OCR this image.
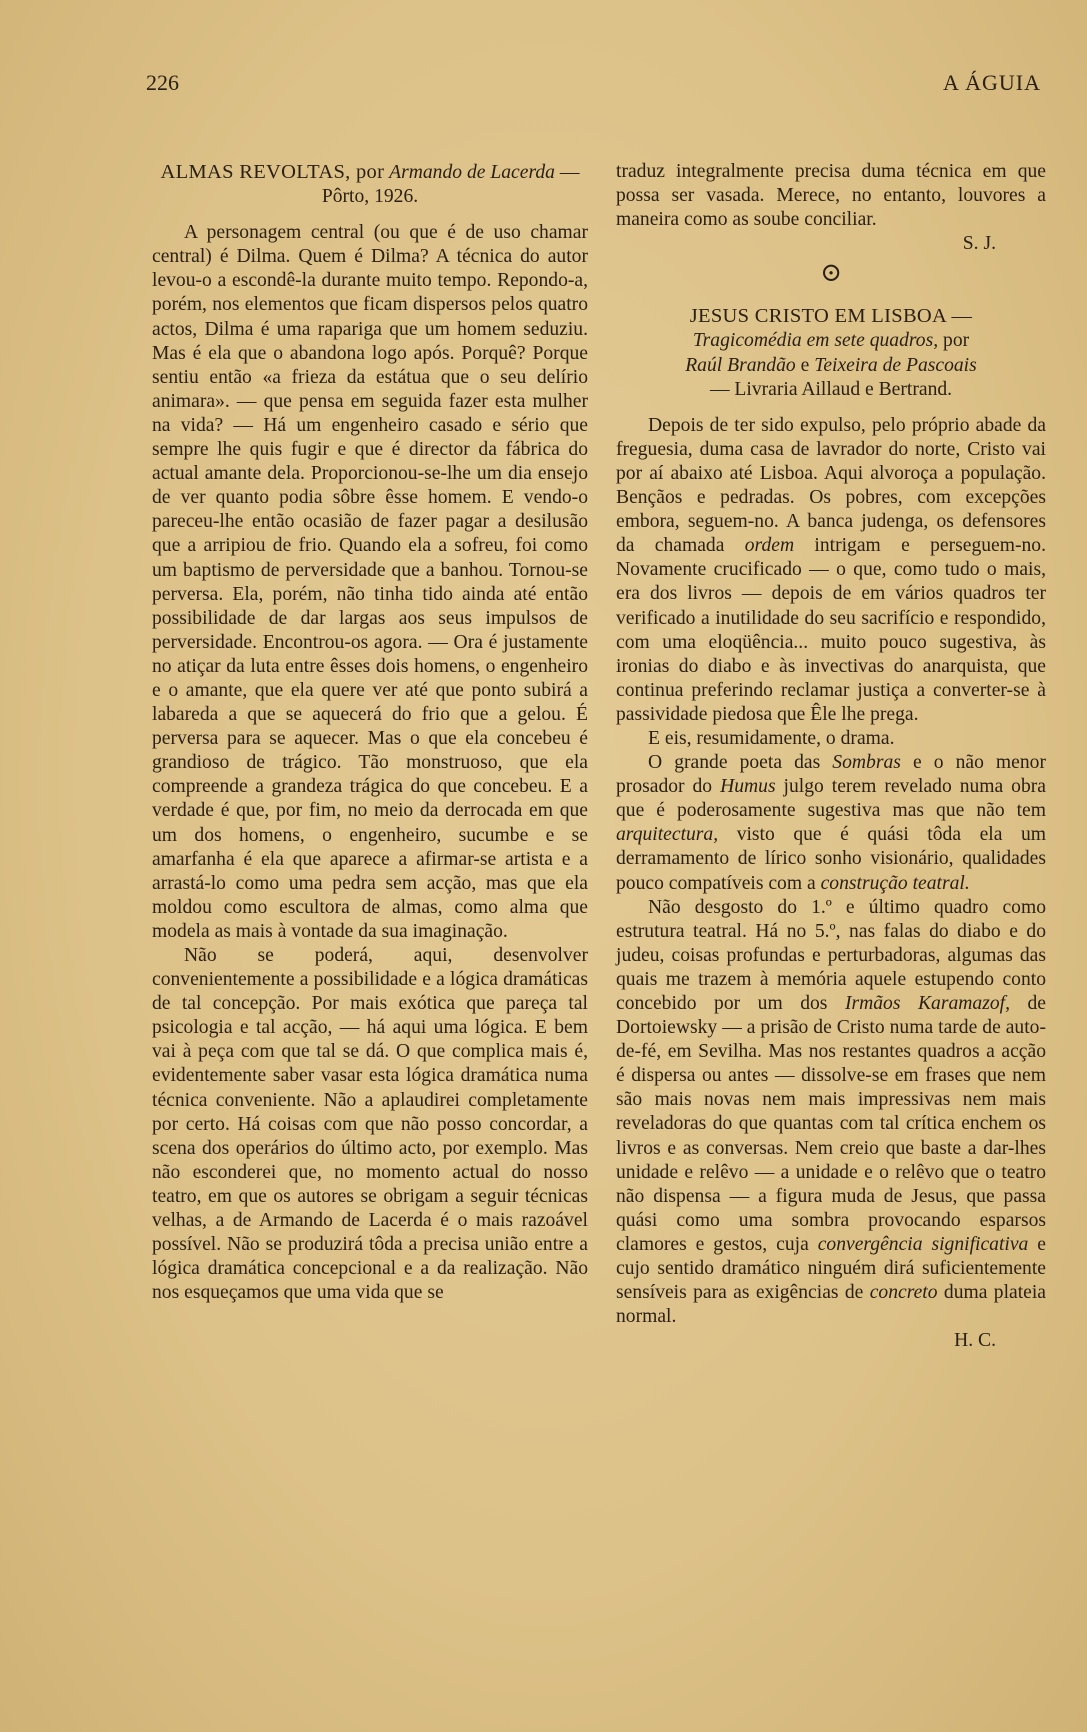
226	A ÁGUIA

ALMAS REVOLTAS, por Armando de Lacerda — Pôrto, 1926.

A personagem central (ou que é de uso chamar central) é Dilma. Quem é Dilma? A técnica do autor levou-o a escondê-la durante muito tempo. Repondo-a, porém, nos elementos que ficam dispersos pelos quatro actos, Dilma é uma rapariga que um homem seduziu. Mas é ela que o abandona logo após. Porquê? Porque sentiu então «a frieza da estátua que o seu delírio animara». — que pensa em seguida fazer esta mulher na vida? — Há um engenheiro casado e sério que sempre lhe quis fugir e que é director da fábrica do actual amante dela. Proporcionou-se-lhe um dia ensejo de ver quanto podia sôbre êsse homem. E vendo-o pareceu-lhe então ocasião de fazer pagar a desilusão que a arripiou de frio. Quando ela a sofreu, foi como um baptismo de perversidade que a banhou. Tornou-se perversa. Ela, porém, não tinha tido ainda até então possibilidade de dar largas aos seus impulsos de perversidade. Encontrou-os agora. — Ora é justamente no atiçar da luta entre êsses dois homens, o engenheiro e o amante, que ela quere ver até que ponto subirá a labareda a que se aquecerá do frio que a gelou. É perversa para se aquecer. Mas o que ela concebeu é grandioso de trágico. Tão monstruoso, que ela compreende a grandeza trágica do que concebeu. E a verdade é que, por fim, no meio da derrocada em que um dos homens, o engenheiro, sucumbe e se amarfanha é ela que aparece a afirmar-se artista e a arrastá-lo como uma pedra sem acção, mas que ela moldou como escultora de almas, como alma que modela as mais à vontade da sua imaginação.

Não se poderá, aqui, desenvolver convenientemente a possibilidade e a lógica dramáticas de tal concepção. Por mais exótica que pareça tal psicologia e tal acção, — há aqui uma lógica. E bem vai à peça com que tal se dá. O que complica mais é, evidentemente saber vasar esta lógica dramática numa técnica conveniente. Não a aplaudirei completamente por certo. Há coisas com que não posso concordar, a scena dos operários do último acto, por exemplo. Mas não esconderei que, no momento actual do nosso teatro, em que os autores se obrigam a seguir técnicas velhas, a de Armando de Lacerda é o mais razoável possível. Não se produzirá tôda a precisa união entre a lógica dramática concepcional e a da realização. Não nos esqueçamos que uma vida que se

traduz integralmente precisa duma técnica em que possa ser vasada. Merece, no entanto, louvores a maneira como as soube conciliar.

S. J.

⊙

JESUS CRISTO EM LISBOA —
Tragicomédia em sete quadros, por
Raúl Brandão e Teixeira de Pascoais
— Livraria Aillaud e Bertrand.

Depois de ter sido expulso, pelo próprio abade da freguesia, duma casa de lavrador do norte, Cristo vai por aí abaixo até Lisboa. Aqui alvoroça a população. Bençãos e pedradas. Os pobres, com excepções embora, seguem-no. A banca judenga, os defensores da chamada ordem intrigam e perseguem-no. Novamente crucificado — o que, como tudo o mais, era dos livros — depois de em vários quadros ter verificado a inutilidade do seu sacrifício e respondido, com uma eloqüência... muito pouco sugestiva, às ironias do diabo e às invectivas do anarquista, que continua preferindo reclamar justiça a converter-se à passividade piedosa que Êle lhe prega.

E eis, resumidamente, o drama.

O grande poeta das Sombras e o não menor prosador do Humus julgo terem revelado numa obra que é poderosamente sugestiva mas que não tem arquitectura, visto que é quási tôda ela um derramamento de lírico sonho visionário, qualidades pouco compatíveis com a construção teatral.

Não desgosto do 1.º e último quadro como estrutura teatral. Há no 5.º, nas falas do diabo e do judeu, coisas profundas e perturbadoras, algumas das quais me trazem à memória aquele estupendo conto concebido por um dos Irmãos Karamazof, de Dortoiewsky — a prisão de Cristo numa tarde de auto-de-fé, em Sevilha. Mas nos restantes quadros a acção é dispersa ou antes — dissolve-se em frases que nem são mais novas nem mais impressivas nem mais reveladoras do que quantas com tal crítica enchem os livros e as conversas. Nem creio que baste a dar-lhes unidade e relêvo — a unidade e o relêvo que o teatro não dispensa — a figura muda de Jesus, que passa quási como uma sombra provocando esparsos clamores e gestos, cuja convergência significativa e cujo sentido dramático ninguém dirá suficientemente sensíveis para as exigências de concreto duma plateia normal.

H. C.
